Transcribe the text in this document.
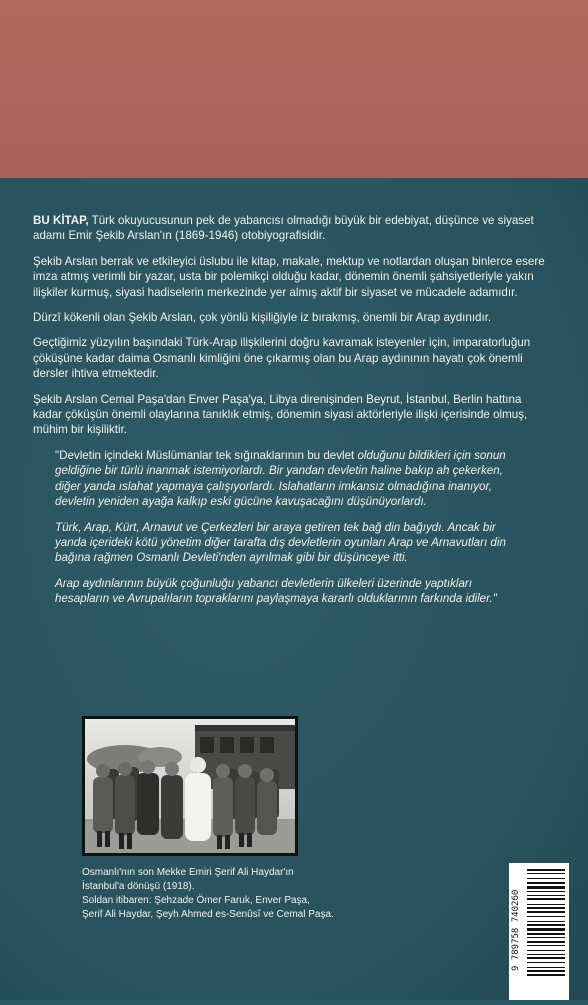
BU KİTAP, Türk okuyucusunun pek de yabancısı olmadığı büyük bir edebiyat, düşünce ve siyaset adamı Emir Şekib Arslan'ın (1869-1946) otobiyografisidir.

Şekib Arslan berrak ve etkileyici üslubu ile kitap, makale, mektup ve notlardan oluşan binlerce esere imza atmış verimli bir yazar, usta bir polemikçi olduğu kadar, dönemin önemli şahsiyetleriyle yakın ilişkiler kurmuş, siyasi hadiselerin merkezinde yer almış aktif bir siyaset ve mücadele adamıdır.

Dürzî kökenli olan Şekib Arslan, çok yönlü kişiliğiyle iz bırakmış, önemli bir Arap aydınıdır.

Geçtiğimiz yüzyılın başındaki Türk-Arap ilişkilerini doğru kavramak isteyenler için, imparatorluğun çöküşüne kadar daima Osmanlı kimliğini öne çıkarmış olan bu Arap aydınının hayatı çok önemli dersler ihtiva etmektedir.

Şekib Arslan Cemal Paşa'dan Enver Paşa'ya, Libya direnişinden Beyrut, İstanbul, Berlin hattına kadar çöküşün önemli olaylarına tanıklık etmiş, dönemin siyasi aktörleriyle ilişki içerisinde olmuş, mühim bir kişiliktir.

"Devletin içindeki Müslümanlar tek sığınaklarının bu devlet olduğunu bildikleri için sonun geldiğine bir türlü inanmak istemiyorlardı. Bir yandan devletin haline bakıp ah çekerken, diğer yanda ıslahat yapmaya çalışıyorlardı. Islahatların imkansız olmadığına inanıyor, devletin yeniden ayağa kalkıp eski gücüne kavuşacağını düşünüyorlardı.

Türk, Arap, Kürt, Arnavut ve Çerkezleri bir araya getiren tek bağ din bağıydı. Ancak bir yanda içerideki kötü yönetim diğer tarafta dış devletlerin oyunları Arap ve Arnavutları din bağına rağmen Osmanlı Devleti'nden ayrılmak gibi bir düşünceye itti.

Arap aydınlarının büyük çoğunluğu yabancı devletlerin ülkeleri üzerinde yaptıkları hesapların ve Avrupalıların topraklarını paylaşmaya kararlı olduklarının farkında idiler."

Osmanlı'nın son Mekke Emiri Şerif Ali Haydar'ın
İstanbul'a dönüşü (1918).
Soldan itibaren: Şehzade Ömer Faruk, Enver Paşa,
Şerif Ali Haydar, Şeyh Ahmed es-Senûsî ve Cemal Paşa.	9 789758 740260
